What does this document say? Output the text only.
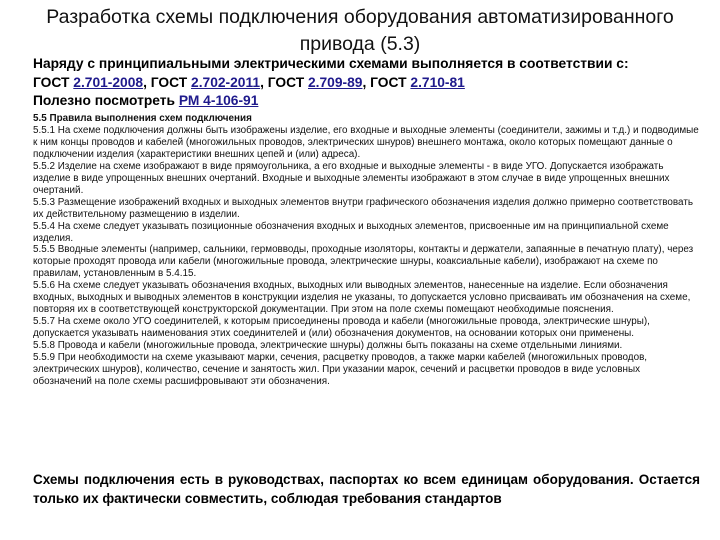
Разработка схемы подключения оборудования автоматизированного привода (5.3)

Наряду с принципиальными электрическими схемами выполняется в соответствии с:

ГОСТ 2.701-2008, ГОСТ 2.702-2011, ГОСТ 2.709-89, ГОСТ 2.710-81

Полезно посмотреть РМ 4-106-91

5.5 Правила выполнения схем подключения

5.5.1 На схеме подключения должны быть изображены изделие, его входные и выходные элементы (соединители, зажимы и т.д.) и подводимые к ним концы проводов и кабелей (многожильных проводов, электрических шнуров) внешнего монтажа, около которых помещают данные о подключении изделия (характеристики внешних цепей и (или) адреса).

5.5.2 Изделие на схеме изображают в виде прямоугольника, а его входные и выходные элементы - в виде УГО. Допускается изображать изделие в виде упрощенных внешних очертаний. Входные и выходные элементы изображают в этом случае в виде упрощенных внешних очертаний.

5.5.3 Размещение изображений входных и выходных элементов внутри графического обозначения изделия должно примерно соответствовать их действительному размещению в изделии.

5.5.4 На схеме следует указывать позиционные обозначения входных и выходных элементов, присвоенные им на принципиальной схеме изделия.

5.5.5 Вводные элементы (например, сальники, гермовводы, проходные изоляторы, контакты и держатели, запаянные в печатную плату), через которые проходят провода или кабели (многожильные провода, электрические шнуры, коаксиальные кабели), изображают на схеме по правилам, установленным в 5.4.15.

5.5.6 На схеме следует указывать обозначения входных, выходных или выводных элементов, нанесенные на изделие. Если обозначения входных, выходных и выводных элементов в конструкции изделия не указаны, то допускается условно присваивать им обозначения на схеме, повторяя их в соответствующей конструкторской документации. При этом на поле схемы помещают необходимые пояснения.

5.5.7 На схеме около УГО соединителей, к которым присоединены провода и кабели (многожильные провода, электрические шнуры), допускается указывать наименования этих соединителей и (или) обозначения документов, на основании которых они применены.

5.5.8 Провода и кабели (многожильные провода, электрические шнуры) должны быть показаны на схеме отдельными линиями.

5.5.9 При необходимости на схеме указывают марки, сечения, расцветку проводов, а также марки кабелей (многожильных проводов, электрических шнуров), количество, сечение и занятость жил. При указании марок, сечений и расцветки проводов в виде условных обозначений на поле схемы расшифровывают эти обозначения.

Схемы подключения есть в руководствах, паспортах ко всем единицам оборудования. Остается только их фактически совместить, соблюдая требования стандартов
